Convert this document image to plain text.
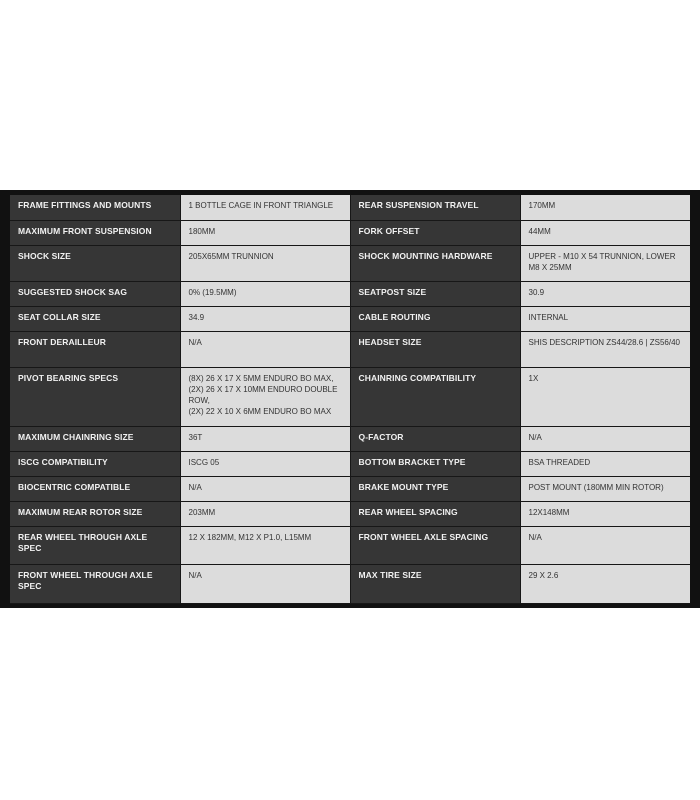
FRAME FITTINGS AND MOUNTS	1 BOTTLE CAGE IN FRONT TRIANGLE	REAR SUSPENSION TRAVEL	170MM
MAXIMUM FRONT SUSPENSION	180MM	FORK OFFSET	44MM
SHOCK SIZE	205X65MM TRUNNION	SHOCK MOUNTING HARDWARE	UPPER - M10 X 54 TRUNNION, LOWER M8 X 25MM
SUGGESTED SHOCK SAG	0% (19.5MM)	SEATPOST SIZE	30.9
SEAT COLLAR SIZE	34.9	CABLE ROUTING	INTERNAL
FRONT DERAILLEUR	N/A	HEADSET SIZE	SHIS DESCRIPTION ZS44/28.6 | ZS56/40
PIVOT BEARING SPECS	(8X) 26 X 17 X 5MM ENDURO BO MAX,
(2X) 26 X 17 X 10MM ENDURO DOUBLE ROW,
(2X) 22 X 10 X 6MM ENDURO BO MAX	CHAINRING COMPATIBILITY	1X
MAXIMUM CHAINRING SIZE	36T	Q-FACTOR	N/A
ISCG COMPATIBILITY	ISCG 05	BOTTOM BRACKET TYPE	BSA THREADED
BIOCENTRIC COMPATIBLE	N/A	BRAKE MOUNT TYPE	POST MOUNT (180MM MIN ROTOR)
MAXIMUM REAR ROTOR SIZE	203MM	REAR WHEEL SPACING	12X148MM
REAR WHEEL THROUGH AXLE SPEC	12 X 182MM, M12 X P1.0, L15MM	FRONT WHEEL AXLE SPACING	N/A
FRONT WHEEL THROUGH AXLE SPEC	N/A	MAX TIRE SIZE	29 X 2.6
